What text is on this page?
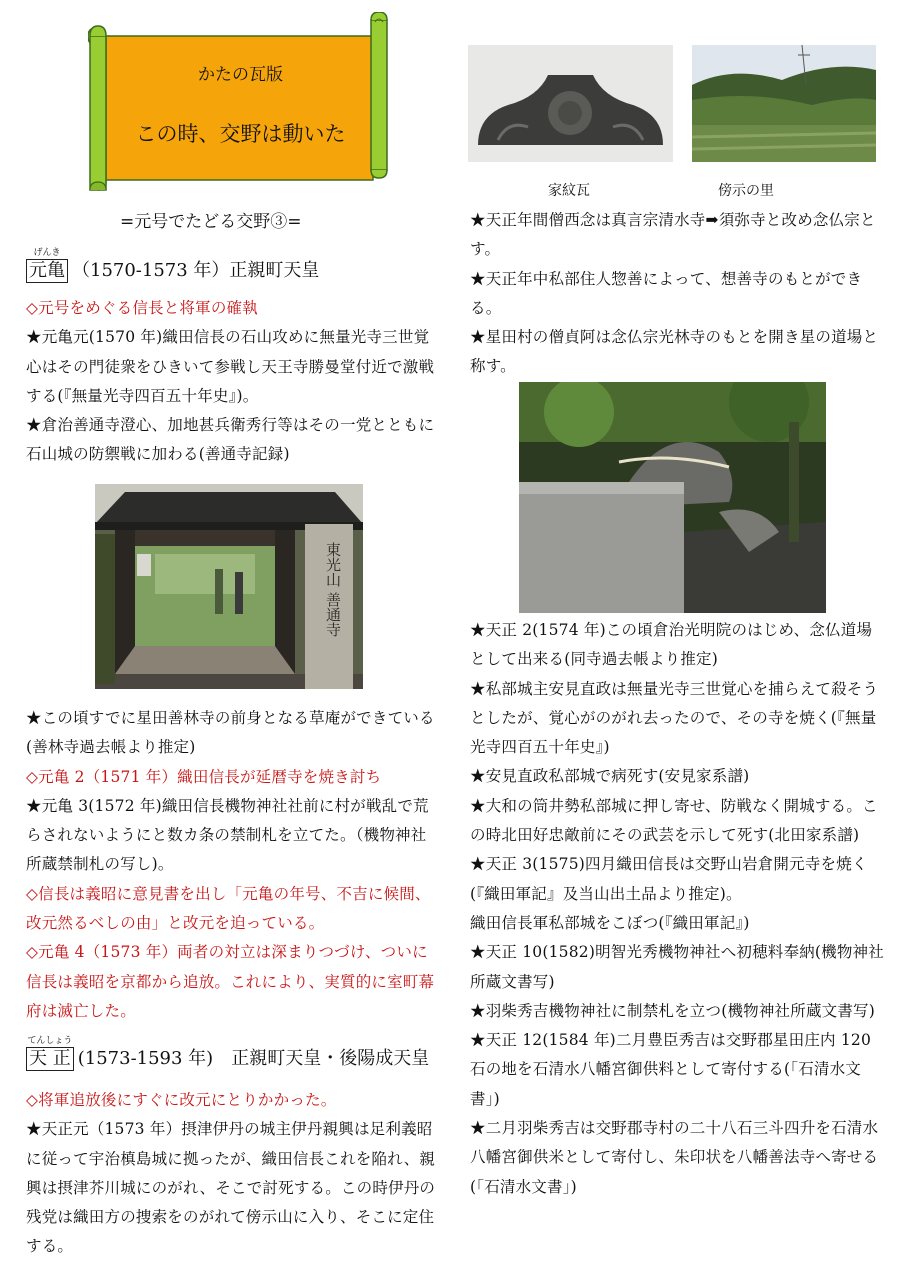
かたの瓦版
この時、交野は動いた
=元号でたどる交野③=
げんき
元亀 （1570-1573 年）正親町天皇

◇元号をめぐる信長と将軍の確執

★元亀元(1570 年)織田信長の石山攻めに無量光寺三世覚心はその門徒衆をひきいて参戦し天王寺勝曼堂付近で激戦する(『無量光寺四百五十年史』)。

★倉治善通寺澄心、加地甚兵衛秀行等はその一党とともに石山城の防禦戦に加わる(善通寺記録)

東光山 善通寺

★この頃すでに星田善林寺の前身となる草庵ができている(善林寺過去帳より推定)

◇元亀 2（1571 年）織田信長が延暦寺を焼き討ち

★元亀 3(1572 年)織田信長機物神社社前に村が戦乱で荒らされないようにと数カ条の禁制札を立てた。（機物神社所蔵禁制札の写し)。

◇信長は義昭に意見書を出し「元亀の年号、不吉に候間、改元然るべしの由」と改元を迫っている。

◇元亀 4（1573 年）両者の対立は深まりつづけ、ついに信長は義昭を京都から追放。これにより、実質的に室町幕府は滅亡した。

てんしょう
天 正 (1573-1593 年)　正親町天皇・後陽成天皇

◇将軍追放後にすぐに改元にとりかかった。

★天正元（1573 年）摂津伊丹の城主伊丹親興は足利義昭に従って宇治槙島城に拠ったが、織田信長これを陥れ、親興は摂津芥川城にのがれ、そこで討死する。この時伊丹の残党は織田方の捜索をのがれて傍示山に入り、そこに定住する。

家紋瓦	傍示の里

★天正年間僧西念は真言宗清水寺➡須弥寺と改め念仏宗とす。

★天正年中私部住人惣善によって、想善寺のもとができる。

★星田村の僧貞阿は念仏宗光林寺のもとを開き星の道場と称す。

★天正 2(1574 年)この頃倉治光明院のはじめ、念仏道場として出来る(同寺過去帳より推定)

★私部城主安見直政は無量光寺三世覚心を捕らえて殺そうとしたが、覚心がのがれ去ったので、その寺を焼く(『無量光寺四百五十年史』)

★安見直政私部城で病死す(安見家系譜)

★大和の筒井勢私部城に押し寄せ、防戦なく開城する。この時北田好忠敵前にその武芸を示して死す(北田家系譜)

★天正 3(1575)四月織田信長は交野山岩倉開元寺を焼く(『織田軍記』及当山出土品より推定)。

織田信長軍私部城をこぼつ(『織田軍記』)

★天正 10(1582)明智光秀機物神社へ初穂料奉納(機物神社所蔵文書写)

★羽柴秀吉機物神社に制禁札を立つ(機物神社所蔵文書写)

★天正 12(1584 年)二月豊臣秀吉は交野郡星田庄内 120 石の地を石清水八幡宮御供料として寄付する(「石清水文書」)

★二月羽柴秀吉は交野郡寺村の二十八石三斗四升を石清水八幡宮御供米として寄付し、朱印状を八幡善法寺へ寄せる(「石清水文書」)
